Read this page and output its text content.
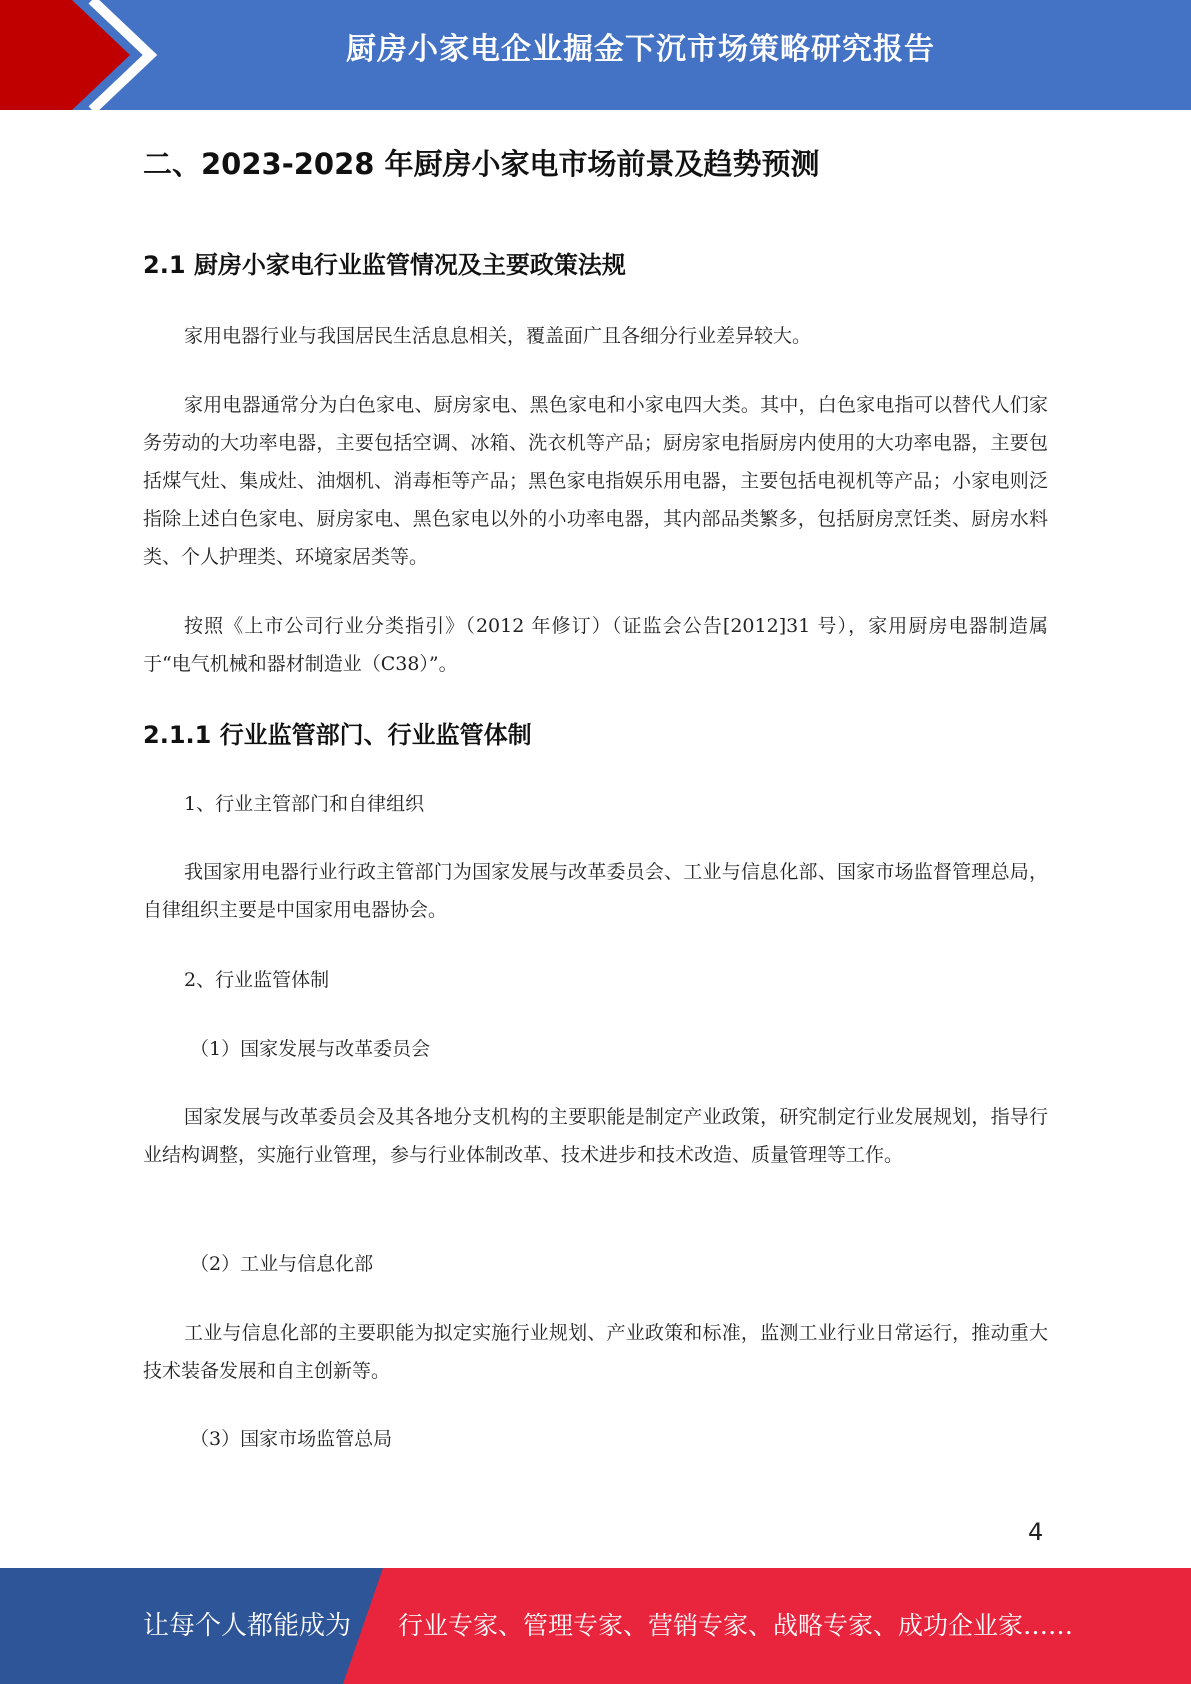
厨房小家电企业掘金下沉市场策略研究报告
二、2023-2028 年厨房小家电市场前景及趋势预测
2.1 厨房小家电行业监管情况及主要政策法规

家用电器行业与我国居民生活息息相关，覆盖面广且各细分行业差异较大。

家用电器通常分为白色家电、厨房家电、黑色家电和小家电四大类。其中，白色家电指可以替代人们家务劳动的大功率电器，主要包括空调、冰箱、洗衣机等产品；厨房家电指厨房内使用的大功率电器，主要包括煤气灶、集成灶、油烟机、消毒柜等产品；黑色家电指娱乐用电器，主要包括电视机等产品；小家电则泛指除上述白色家电、厨房家电、黑色家电以外的小功率电器，其内部品类繁多，包括厨房烹饪类、厨房水料类、个人护理类、环境家居类等。

按照《上市公司行业分类指引》（2012 年修订）（证监会公告[2012]31 号），家用厨房电器制造属于“电气机械和器材制造业（C38）”。

2.1.1 行业监管部门、行业监管体制
1、行业主管部门和自律组织

我国家用电器行业行政主管部门为国家发展与改革委员会、工业与信息化部、国家市场监督管理总局，自律组织主要是中国家用电器协会。

2、行业监管体制
（1）国家发展与改革委员会

国家发展与改革委员会及其各地分支机构的主要职能是制定产业政策，研究制定行业发展规划，指导行业结构调整，实施行业管理，参与行业体制改革、技术进步和技术改造、质量管理等工作。

（2）工业与信息化部

工业与信息化部的主要职能为拟定实施行业规划、产业政策和标准，监测工业行业日常运行，推动重大技术装备发展和自主创新等。

（3）国家市场监管总局
4
让每个人都能成为 行业专家、管理专家、营销专家、战略专家、成功企业家……
